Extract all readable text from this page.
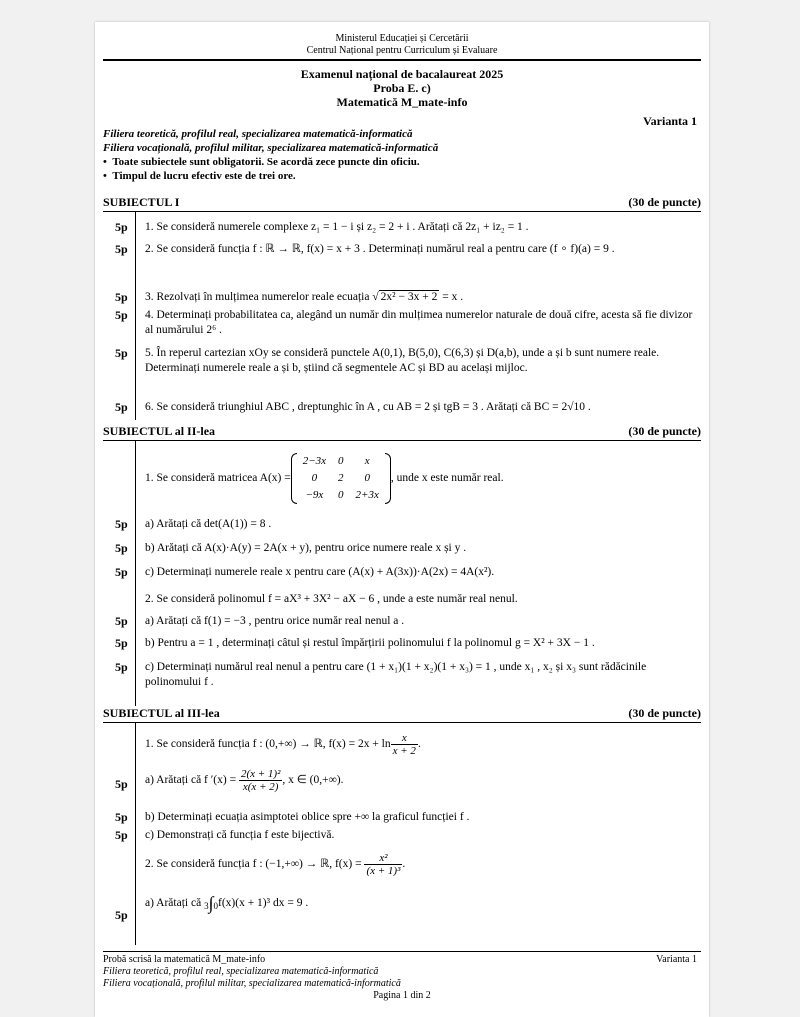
Ministerul Educației și Cercetării
Centrul Național pentru Curriculum și Evaluare
Examenul național de bacalaureat 2025
Proba E. c)
Matematică M_mate-info
Varianta 1
Filiera teoretică, profilul real, specializarea matematică-informatică
Filiera vocațională, profilul militar, specializarea matematică-informatică
•  Toate subiectele sunt obligatorii. Se acordă zece puncte din oficiu.
•  Timpul de lucru efectiv este de trei ore.
SUBIECTUL I	(30 de puncte)
5p 1. Se consideră numerele complexe z₁ = 1 − i și z₂ = 2 + i . Arătați că 2z₁ + iz₂ = 1 .
5p 2. Se consideră funcția f : ℝ → ℝ, f(x) = x + 3 . Determinați numărul real a pentru care (f ∘ f)(a) = 9 .
5p 3. Rezolvați în mulțimea numerelor reale ecuația √ 2x² − 3x + 2 = x .
5p 4. Determinați probabilitatea ca, alegând un număr din mulțimea numerelor naturale de două cifre, acesta să fie divizor al numărului 2⁶ .
5p 5. În reperul cartezian xOy se consideră punctele A(0,1), B(5,0), C(6,3) și D(a,b), unde a și b sunt numere reale. Determinați numerele reale a și b, știind că segmentele AC și BD au același mijloc.
5p 6. Se consideră triunghiul ABC , dreptunghic în A , cu AB = 2 și tgB = 3 . Arătați că BC = 2√10 .
SUBIECTUL al II-lea	(30 de puncte)
1. Se consideră matricea A(x) =
2−3x	0	x
0	2	0
−9x	0	2+3x
, unde x este număr real.
5p a) Arătați că det(A(1)) = 8 .
5p b) Arătați că A(x)·A(y) = 2A(x + y), pentru orice numere reale x și y .
5p c) Determinați numerele reale x pentru care (A(x) + A(3x))·A(2x) = 4A(x²).
2. Se consideră polinomul f = aX³ + 3X² − aX − 6 , unde a este număr real nenul.
5p a) Arătați că f(1) = −3 , pentru orice număr real nenul a .
5p b) Pentru a = 1 , determinați câtul și restul împărțirii polinomului f la polinomul g = X² + 3X − 1 .
5p c) Determinați numărul real nenul a pentru care (1 + x₁)(1 + x₂)(1 + x₃) = 1 , unde x₁ , x₂ și x₃ sunt rădăcinile polinomului f .
SUBIECTUL al III-lea	(30 de puncte)
1. Se consideră funcția f : (0,+∞) → ℝ, $f(x) = 2x + \ln \frac{x}{x + 2}$ .
5p a) Arătați că f ′(x) =
$\frac{\text{2(x + 1)²}}{x(x + 2)}$ , x ∈ (0,+∞).
5p b) Determinați ecuația asimptotei oblice spre +∞ la graficul funcției f .
5p c) Demonstrați că funcția f este bijectivă.
2. Se consideră funcția f : (−1,+∞) → ℝ, f(x) =
$\frac{\text{x²}}{\text{(x + 1)³}}$ .
5p
a) Arătați că
3∫0 f(x)(x + 1)³ dx = 9 .
Probă scrisă la matematică M_mate-info	Varianta 1
Filiera teoretică, profilul real, specializarea matematică-informatică
Filiera vocațională, profilul militar, specializarea matematică-informatică
Pagina 1 din 2
